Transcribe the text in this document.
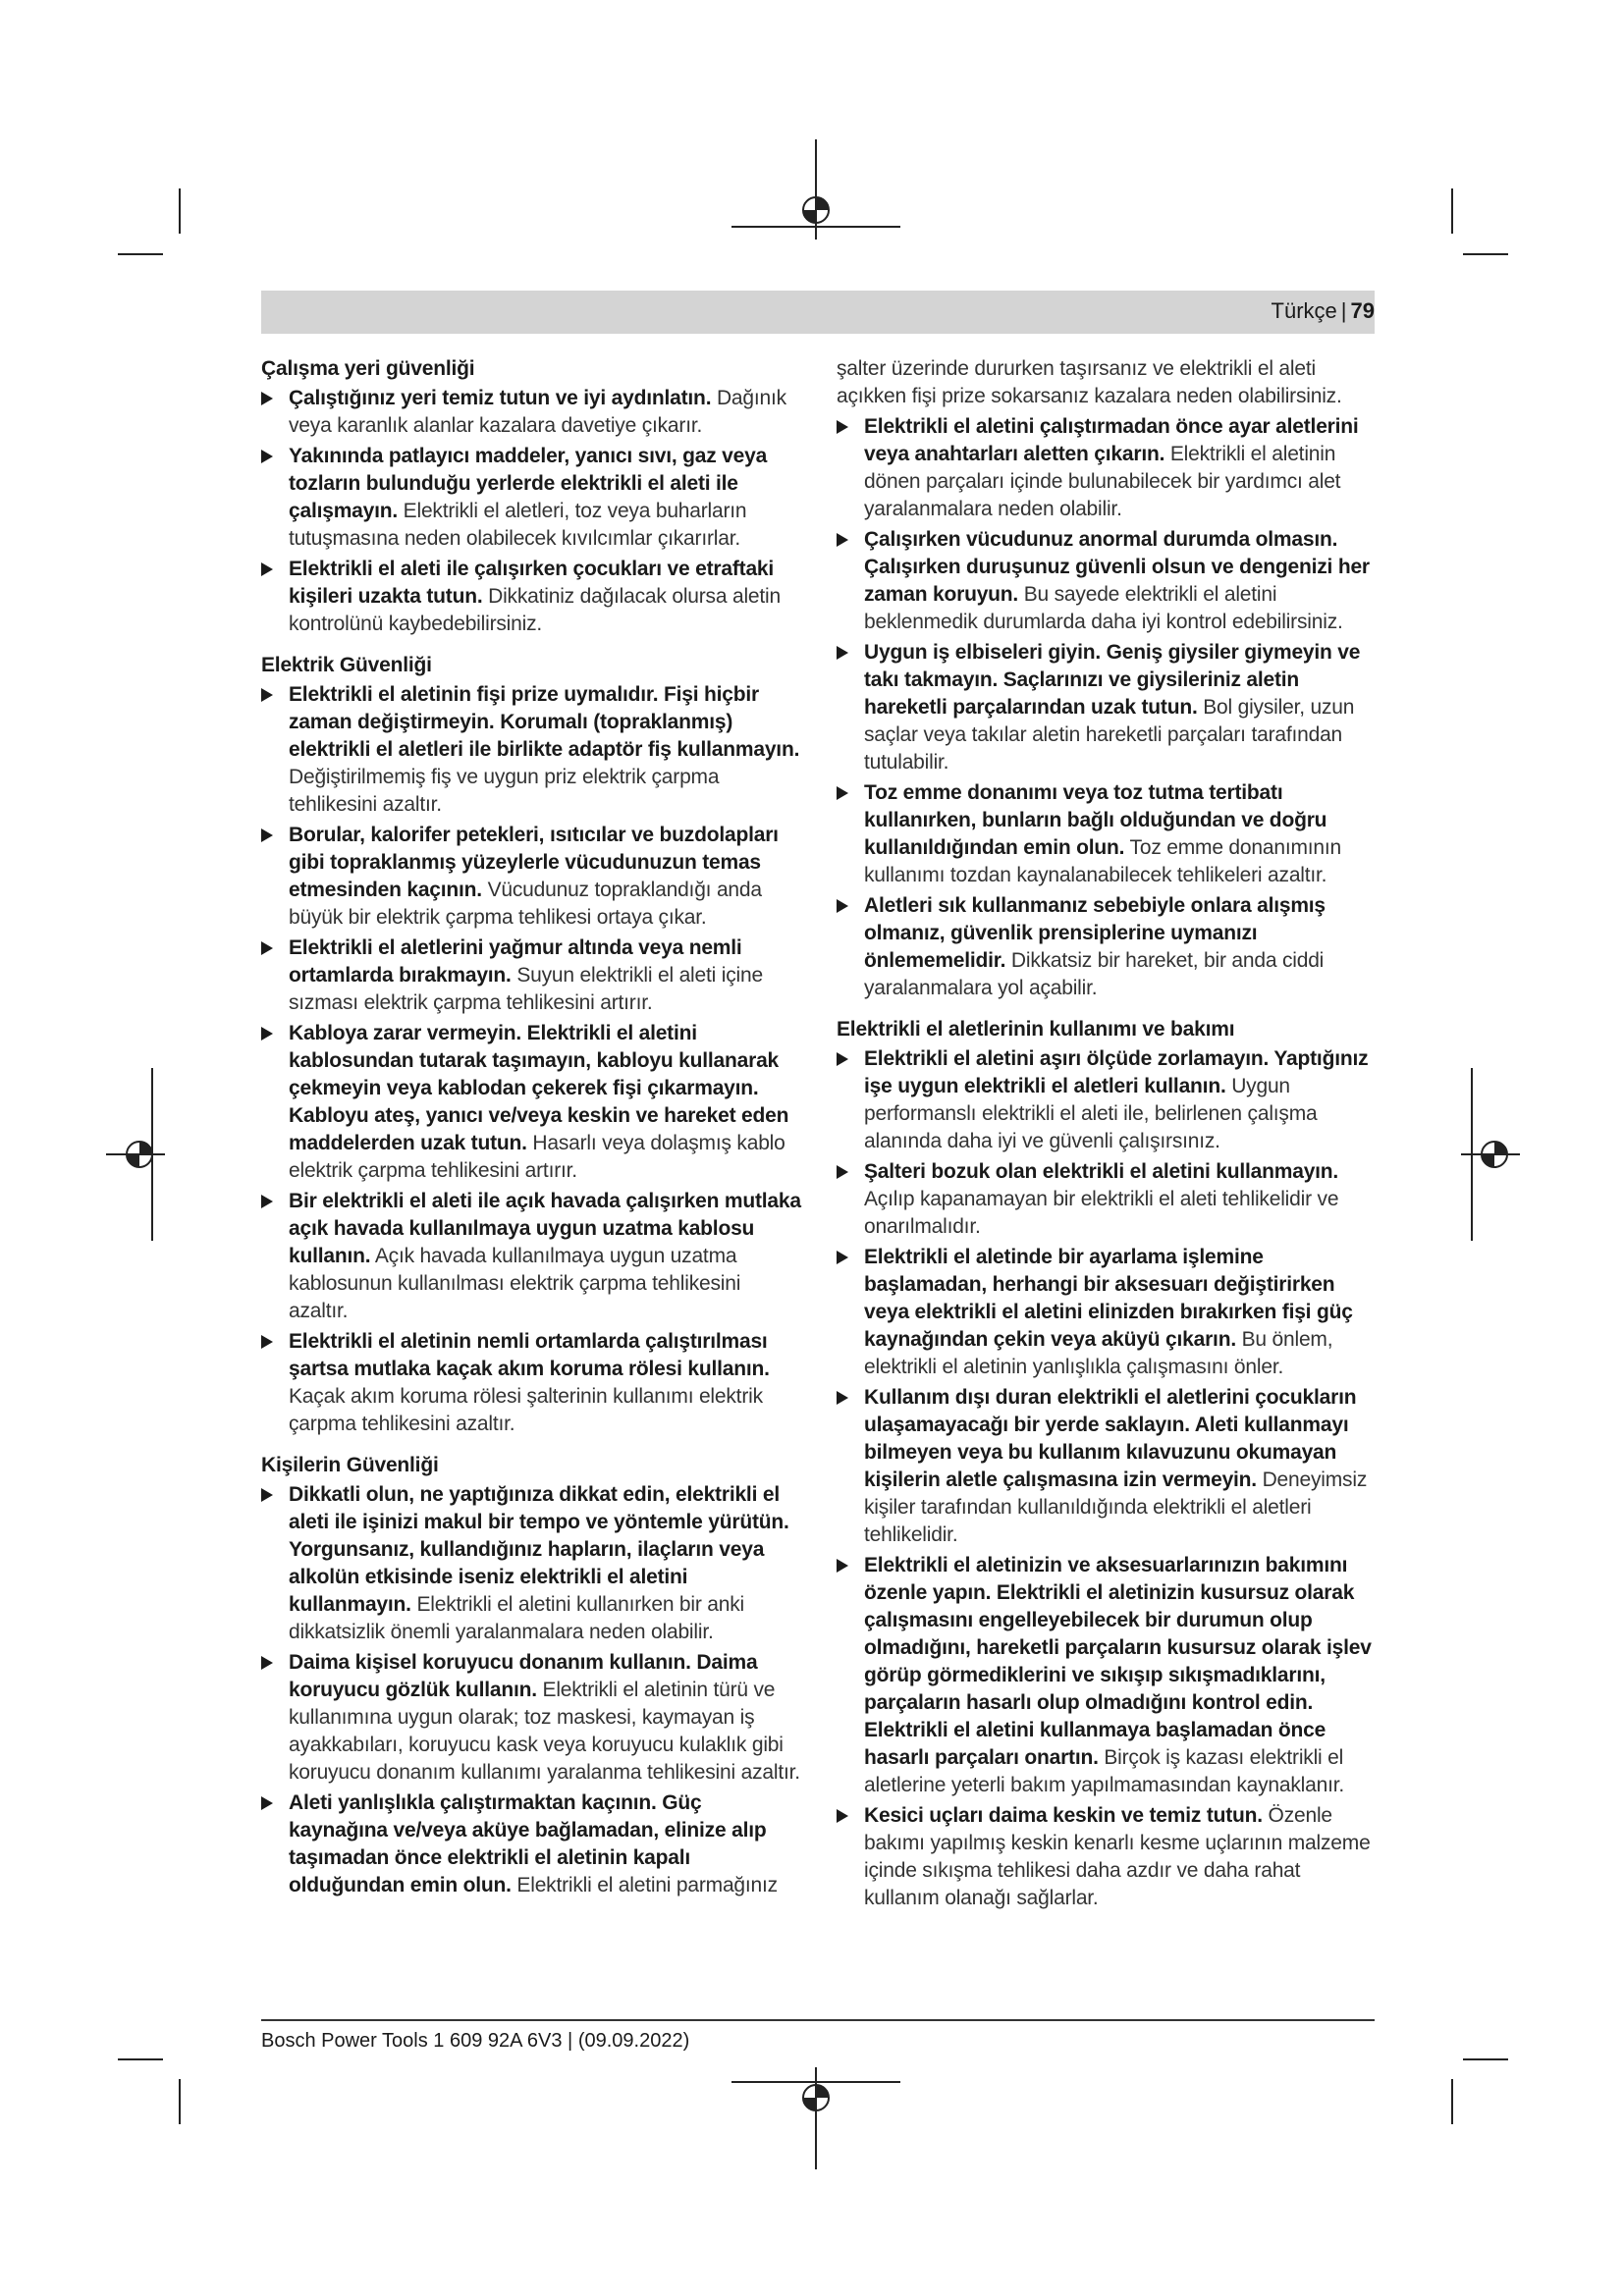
Türkçe | 79
Çalışma yeri güvenliği
Çalıştığınız yeri temiz tutun ve iyi aydınlatın. Dağınık veya karanlık alanlar kazalara davetiye çıkarır.
Yakınında patlayıcı maddeler, yanıcı sıvı, gaz veya tozların bulunduğu yerlerde elektrikli el aleti ile çalışmayın. Elektrikli el aletleri, toz veya buharların tutuşmasına neden olabilecek kıvılcımlar çıkarırlar.
Elektrikli el aleti ile çalışırken çocukları ve etraftaki kişileri uzakta tutun. Dikkatiniz dağılacak olursa aletin kontrolünü kaybedebilirsiniz.
Elektrik Güvenliği
Elektrikli el aletinin fişi prize uymalıdır. Fişi hiçbir zaman değiştirmeyin. Korumalı (topraklanmış) elektrikli el aletleri ile birlikte adaptör fiş kullanmayın. Değiştirilmemiş fiş ve uygun priz elektrik çarpma tehlikesini azaltır.
Borular, kalorifer petekleri, ısıtıcılar ve buzdolapları gibi topraklanmış yüzeylerle vücudunuzun temas etmesinden kaçının. Vücudunuz topraklandığı anda büyük bir elektrik çarpma tehlikesi ortaya çıkar.
Elektrikli el aletlerini yağmur altında veya nemli ortamlarda bırakmayın. Suyun elektrikli el aleti içine sızması elektrik çarpma tehlikesini artırır.
Kabloya zarar vermeyin. Elektrikli el aletini kablosundan tutarak taşımayın, kabloyu kullanarak çekmeyin veya kablodan çekerek fişi çıkarmayın. Kabloyu ateş, yanıcı ve/veya keskin ve hareket eden maddelerden uzak tutun. Hasarlı veya dolaşmış kablo elektrik çarpma tehlikesini artırır.
Bir elektrikli el aleti ile açık havada çalışırken mutlaka açık havada kullanılmaya uygun uzatma kablosu kullanın. Açık havada kullanılmaya uygun uzatma kablosunun kullanılması elektrik çarpma tehlikesini azaltır.
Elektrikli el aletinin nemli ortamlarda çalıştırılması şartsa mutlaka kaçak akım koruma rölesi kullanın. Kaçak akım koruma rölesi şalterinin kullanımı elektrik çarpma tehlikesini azaltır.
Kişilerin Güvenliği
Dikkatli olun, ne yaptığınıza dikkat edin, elektrikli el aleti ile işinizi makul bir tempo ve yöntemle yürütün. Yorgunsanız, kullandığınız hapların, ilaçların veya alkolün etkisinde iseniz elektrikli el aletini kullanmayın. Elektrikli el aletini kullanırken bir anki dikkatsizlik önemli yaralanmalara neden olabilir.
Daima kişisel koruyucu donanım kullanın. Daima koruyucu gözlük kullanın. Elektrikli el aletinin türü ve kullanımına uygun olarak; toz maskesi, kaymayan iş ayakkabıları, koruyucu kask veya koruyucu kulaklık gibi koruyucu donanım kullanımı yaralanma tehlikesini azaltır.
Aleti yanlışlıkla çalıştırmaktan kaçının. Güç kaynağına ve/veya aküye bağlamadan, elinize alıp taşımadan önce elektrikli el aletinin kapalı olduğundan emin olun. Elektrikli el aletini parmağınız
şalter üzerinde dururken taşırsanız ve elektrikli el aleti açıkken fişi prize sokarsanız kazalara neden olabilirsiniz.
Elektrikli el aletini çalıştırmadan önce ayar aletlerini veya anahtarları aletten çıkarın. Elektrikli el aletinin dönen parçaları içinde bulunabilecek bir yardımcı alet yaralanmalara neden olabilir.
Çalışırken vücudunuz anormal durumda olmasın. Çalışırken duruşunuz güvenli olsun ve dengenizi her zaman koruyun. Bu sayede elektrikli el aletini beklenmedik durumlarda daha iyi kontrol edebilirsiniz.
Uygun iş elbiseleri giyin. Geniş giysiler giymeyin ve takı takmayın. Saçlarınızı ve giysileriniz aletin hareketli parçalarından uzak tutun. Bol giysiler, uzun saçlar veya takılar aletin hareketli parçaları tarafından tutulabilir.
Toz emme donanımı veya toz tutma tertibatı kullanırken, bunların bağlı olduğundan ve doğru kullanıldığından emin olun. Toz emme donanımının kullanımı tozdan kaynalanabilecek tehlikeleri azaltır.
Aletleri sık kullanmanız sebebiyle onlara alışmış olmanız, güvenlik prensiplerine uymanızı önlememelidir. Dikkatsiz bir hareket, bir anda ciddi yaralanmalara yol açabilir.
Elektrikli el aletlerinin kullanımı ve bakımı
Elektrikli el aletini aşırı ölçüde zorlamayın. Yaptığınız işe uygun elektrikli el aletleri kullanın. Uygun performanslı elektrikli el aleti ile, belirlenen çalışma alanında daha iyi ve güvenli çalışırsınız.
Şalteri bozuk olan elektrikli el aletini kullanmayın. Açılıp kapanamayan bir elektrikli el aleti tehlikelidir ve onarılmalıdır.
Elektrikli el aletinde bir ayarlama işlemine başlamadan, herhangi bir aksesuarı değiştirirken veya elektrikli el aletini elinizden bırakırken fişi güç kaynağından çekin veya aküyü çıkarın. Bu önlem, elektrikli el aletinin yanlışlıkla çalışmasını önler.
Kullanım dışı duran elektrikli el aletlerini çocukların ulaşamayacağı bir yerde saklayın. Aleti kullanmayı bilmeyen veya bu kullanım kılavuzunu okumayan kişilerin aletle çalışmasına izin vermeyin. Deneyimsiz kişiler tarafından kullanıldığında elektrikli el aletleri tehlikelidir.
Elektrikli el aletinizin ve aksesuarlarınızın bakımını özenle yapın. Elektrikli el aletinizin kusursuz olarak çalışmasını engelleyebilecek bir durumun olup olmadığını, hareketli parçaların kusursuz olarak işlev görüp görmediklerini ve sıkışıp sıkışmadıklarını, parçaların hasarlı olup olmadığını kontrol edin. Elektrikli el aletini kullanmaya başlamadan önce hasarlı parçaları onartın. Birçok iş kazası elektrikli el aletlerine yeterli bakım yapılmamasından kaynaklanır.
Kesici uçları daima keskin ve temiz tutun. Özenle bakımı yapılmış keskin kenarlı kesme uçlarının malzeme içinde sıkışma tehlikesi daha azdır ve daha rahat kullanım olanağı sağlarlar.
Bosch Power Tools 1 609 92A 6V3 | (09.09.2022)
